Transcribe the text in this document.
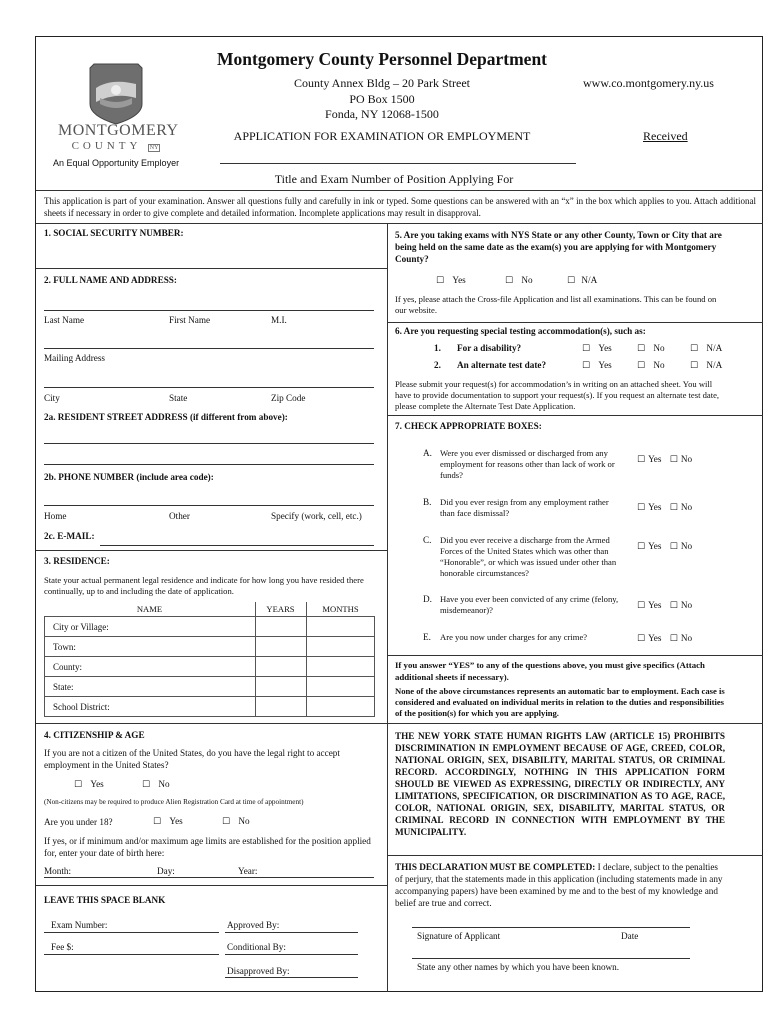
MONTGOMERY
COUNTY NY
An Equal Opportunity Employer
Montgomery County Personnel Department
County Annex Bldg – 20 Park Street
PO Box 1500
Fonda, NY 12068-1500
www.co.montgomery.ny.us
APPLICATION FOR EXAMINATION OR EMPLOYMENT	Received
Title and Exam Number of Position Applying For
This application is part of your examination. Answer all questions fully and carefully in ink or typed. Some questions can be answered with an “x” in the box which applies to you. Attach additional sheets if necessary in order to give complete and detailed information. Incomplete applications may result in disapproval.
1. SOCIAL SECURITY NUMBER:
2. FULL NAME AND ADDRESS:
Last Name	First Name	M.I.
Mailing Address
City	State	Zip Code
2a. RESIDENT STREET ADDRESS (if different from above):
2b. PHONE NUMBER (include area code):
Home	Other	Specify (work, cell, etc.)
2c. E-MAIL:
3. RESIDENCE:
State your actual permanent legal residence and indicate for how long you have resided there continually, up to and including the date of application.
NAME	YEARS	MONTHS
City or Village:		
Town:		
County:		
State:		
School District:		
4. CITIZENSHIP & AGE
If you are not a citizen of the United States, do you have the legal right to accept employment in the United States?
☐ Yes	☐ No
(Non-citizens may be required to produce Alien Registration Card at time of appointment)
Are you under 18?	☐ Yes	☐ No
If yes, or if minimum and/or maximum age limits are established for the position applied for, enter your date of birth here:
Month:	Day:	Year:
LEAVE THIS SPACE BLANK
Exam Number:
Fee $:
Approved By:
Conditional By:
Disapproved By:
5. Are you taking exams with NYS State or any other County, Town or City that are being held on the same date as the exam(s) you are applying for with Montgomery County?
☐ Yes	☐ No	☐ N/A
If yes, please attach the Cross-file Application and list all examinations. This can be found on our website.
6. Are you requesting special testing accommodation(s), such as:
1. For a disability?	☐ Yes	☐ No	☐ N/A
2. An alternate test date?	☐ Yes	☐ No	☐ N/A
Please submit your request(s) for accommodation’s in writing on an attached sheet. You will have to provide documentation to support your request(s). If you request an alternate test date, please complete the Alternate Test Date Application.
7. CHECK APPROPRIATE BOXES:
A. Were you ever dismissed or discharged from any employment for reasons other than lack of work or funds?
☐ Yes ☐ No
B. Did you ever resign from any employment rather than face dismissal?	☐ Yes ☐ No
C. Did you ever receive a discharge from the Armed Forces of the United States which was other than “Honorable”, or which was issued under other than honorable circumstances?
☐ Yes ☐ No
D. Have you ever been convicted of any crime (felony, misdemeanor)?	☐ Yes ☐ No
E. Are you now under charges for any crime?	☐ Yes ☐ No
If you answer “YES” to any of the questions above, you must give specifics (Attach additional sheets if necessary).
None of the above circumstances represents an automatic bar to employment. Each case is considered and evaluated on individual merits in relation to the duties and responsibilities of the position(s) for which you are applying.
THE NEW YORK STATE HUMAN RIGHTS LAW (ARTICLE 15) PROHIBITS DISCRIMINATION IN EMPLOYMENT BECAUSE OF AGE, CREED, COLOR, NATIONAL ORIGIN, SEX, DISABILITY, MARITAL STATUS, OR CRIMINAL RECORD. ACCORDINGLY, NOTHING IN THIS APPLICATION FORM SHOULD BE VIEWED AS EXPRESSING, DIRECTLY OR INDIRECTLY, ANY LIMITATIONS, SPECIFICATION, OR DISCRIMINATION AS TO AGE, RACE, COLOR, NATIONAL ORIGIN, SEX, DISABILITY, MARITAL STATUS, OR CRIMINAL RECORD IN CONNECTION WITH EMPLOYMENT BY THE MUNICIPALITY.
THIS DECLARATION MUST BE COMPLETED: I declare, subject to the penalties of perjury, that the statements made in this application (including statements made in any accompanying papers) have been examined by me and to the best of my knowledge and belief are true and correct.
Signature of Applicant	Date
State any other names by which you have been known.
